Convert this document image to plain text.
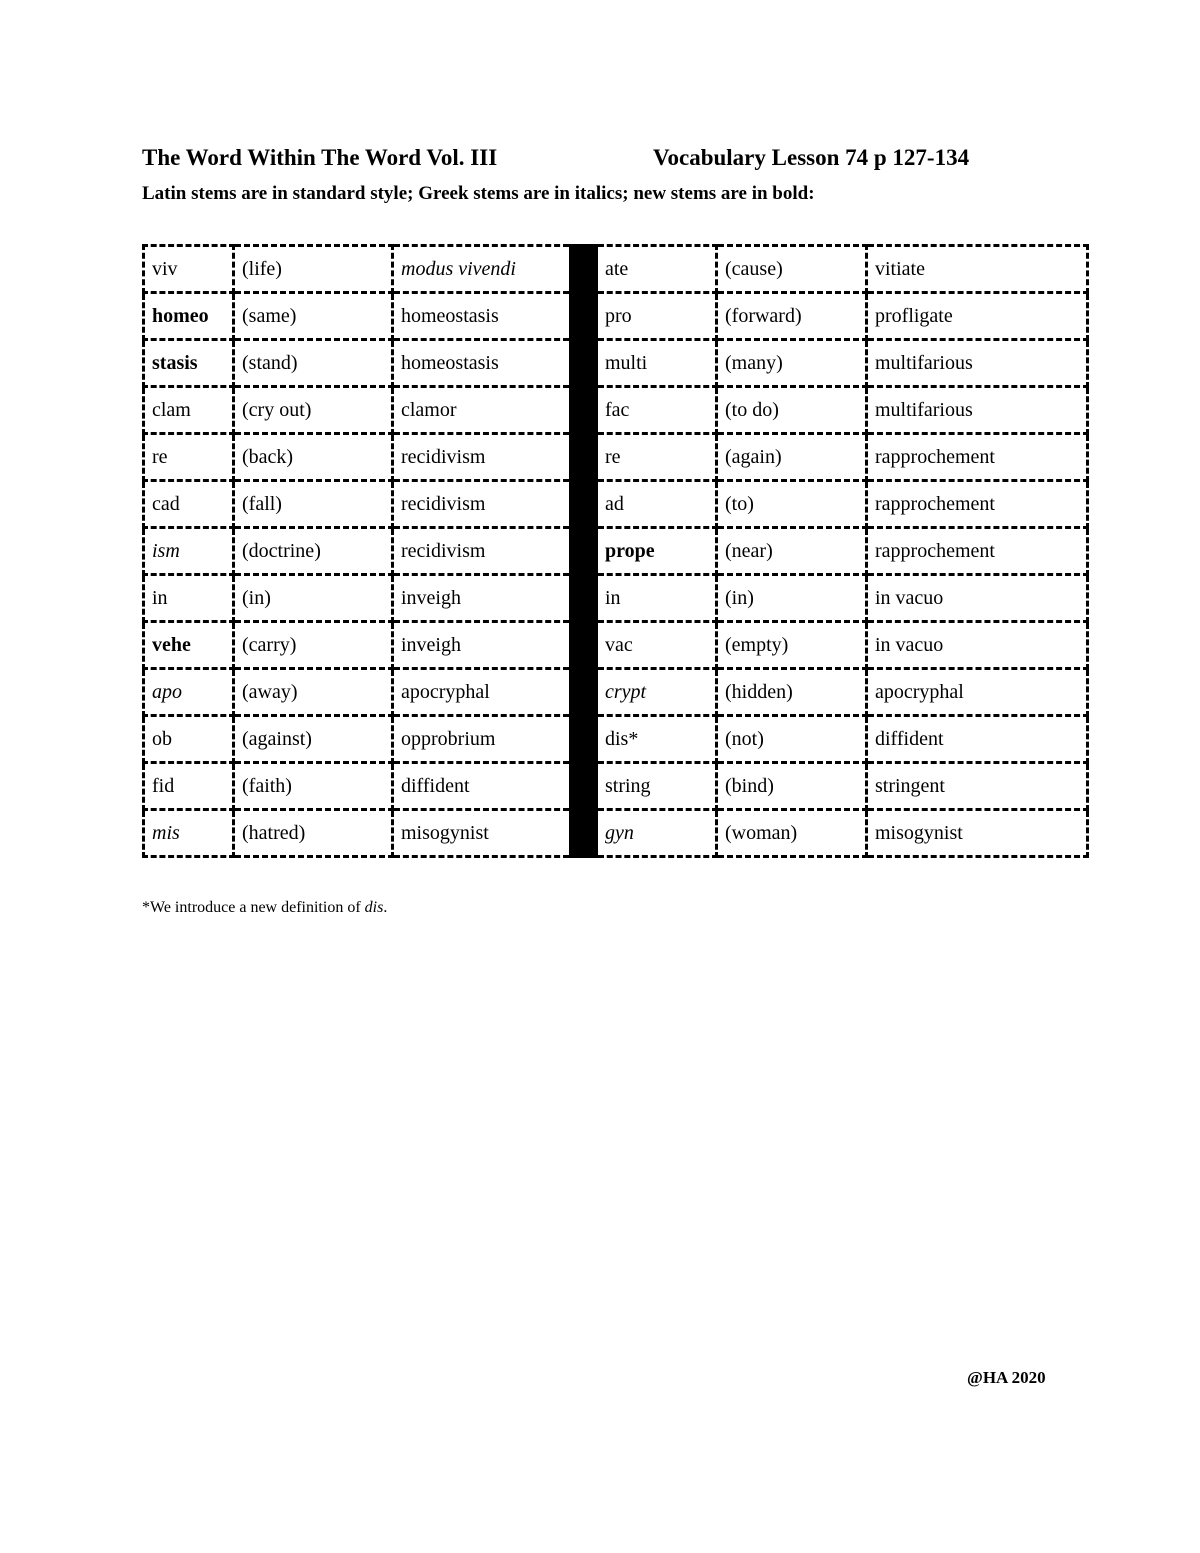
The Word Within The Word Vol. III	Vocabulary Lesson 74 p 127-134
Latin stems are in standard style; Greek stems are in italics; new stems are in bold:
viv	(life)	modus vivendi		ate	(cause)	vitiate
homeo	(same)	homeostasis		pro	(forward)	profligate
stasis	(stand)	homeostasis		multi	(many)	multifarious
clam	(cry out)	clamor		fac	(to do)	multifarious
re	(back)	recidivism		re	(again)	rapprochement
cad	(fall)	recidivism		ad	(to)	rapprochement
ism	(doctrine)	recidivism		prope	(near)	rapprochement
in	(in)	inveigh		in	(in)	in vacuo
vehe	(carry)	inveigh		vac	(empty)	in vacuo
apo	(away)	apocryphal		crypt	(hidden)	apocryphal
ob	(against)	opprobrium		dis*	(not)	diffident
fid	(faith)	diffident		string	(bind)	stringent
mis	(hatred)	misogynist		gyn	(woman)	misogynist
*We introduce a new definition of dis.
@HA 2020
